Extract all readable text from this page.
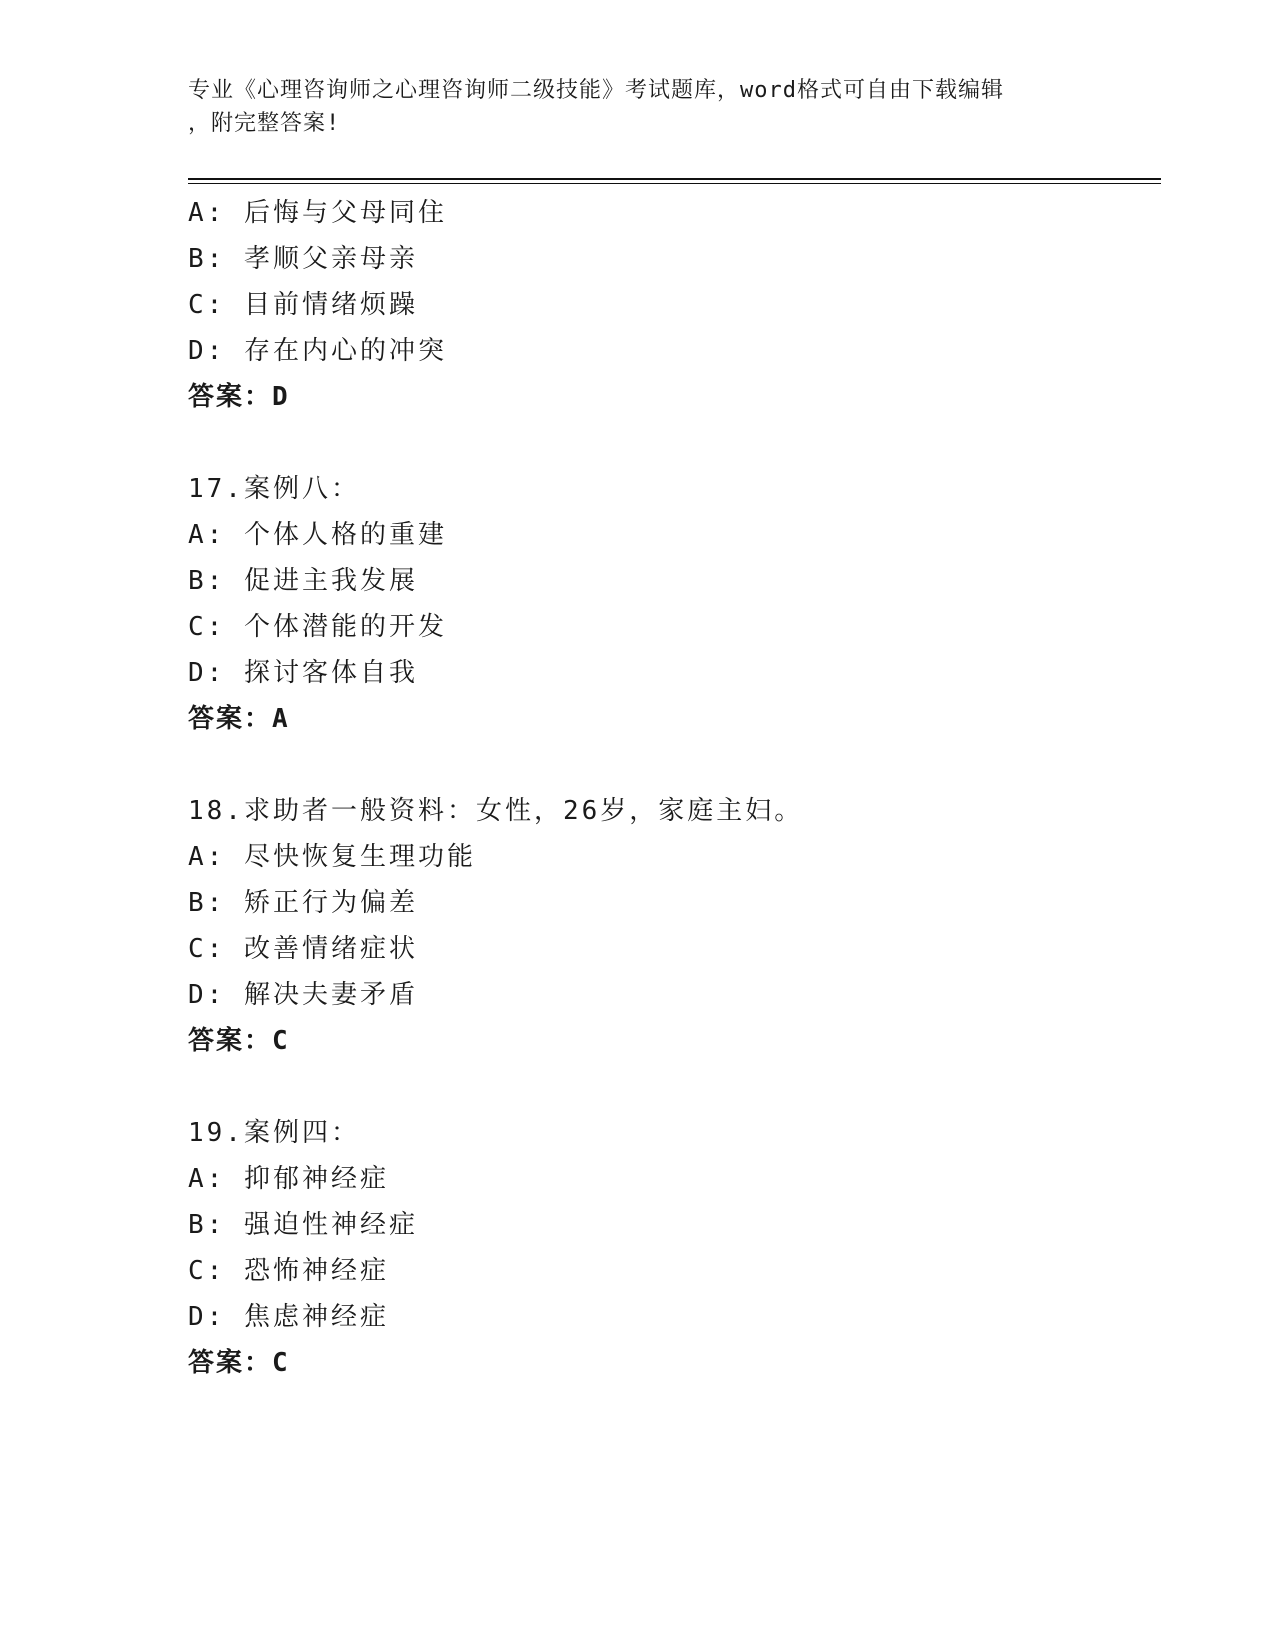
专业《心理咨询师之心理咨询师二级技能》考试题库，word格式可自由下载编辑
，附完整答案!
A: 后悔与父母同住
B: 孝顺父亲母亲
C: 目前情绪烦躁
D: 存在内心的冲突
答案：D
17.案例八：
A: 个体人格的重建
B: 促进主我发展
C: 个体潜能的开发
D: 探讨客体自我
答案：A
18.求助者一般资料：女性，26岁，家庭主妇。
A: 尽快恢复生理功能
B: 矫正行为偏差
C: 改善情绪症状
D: 解决夫妻矛盾
答案：C
19.案例四：
A: 抑郁神经症
B: 强迫性神经症
C: 恐怖神经症
D: 焦虑神经症
答案：C
